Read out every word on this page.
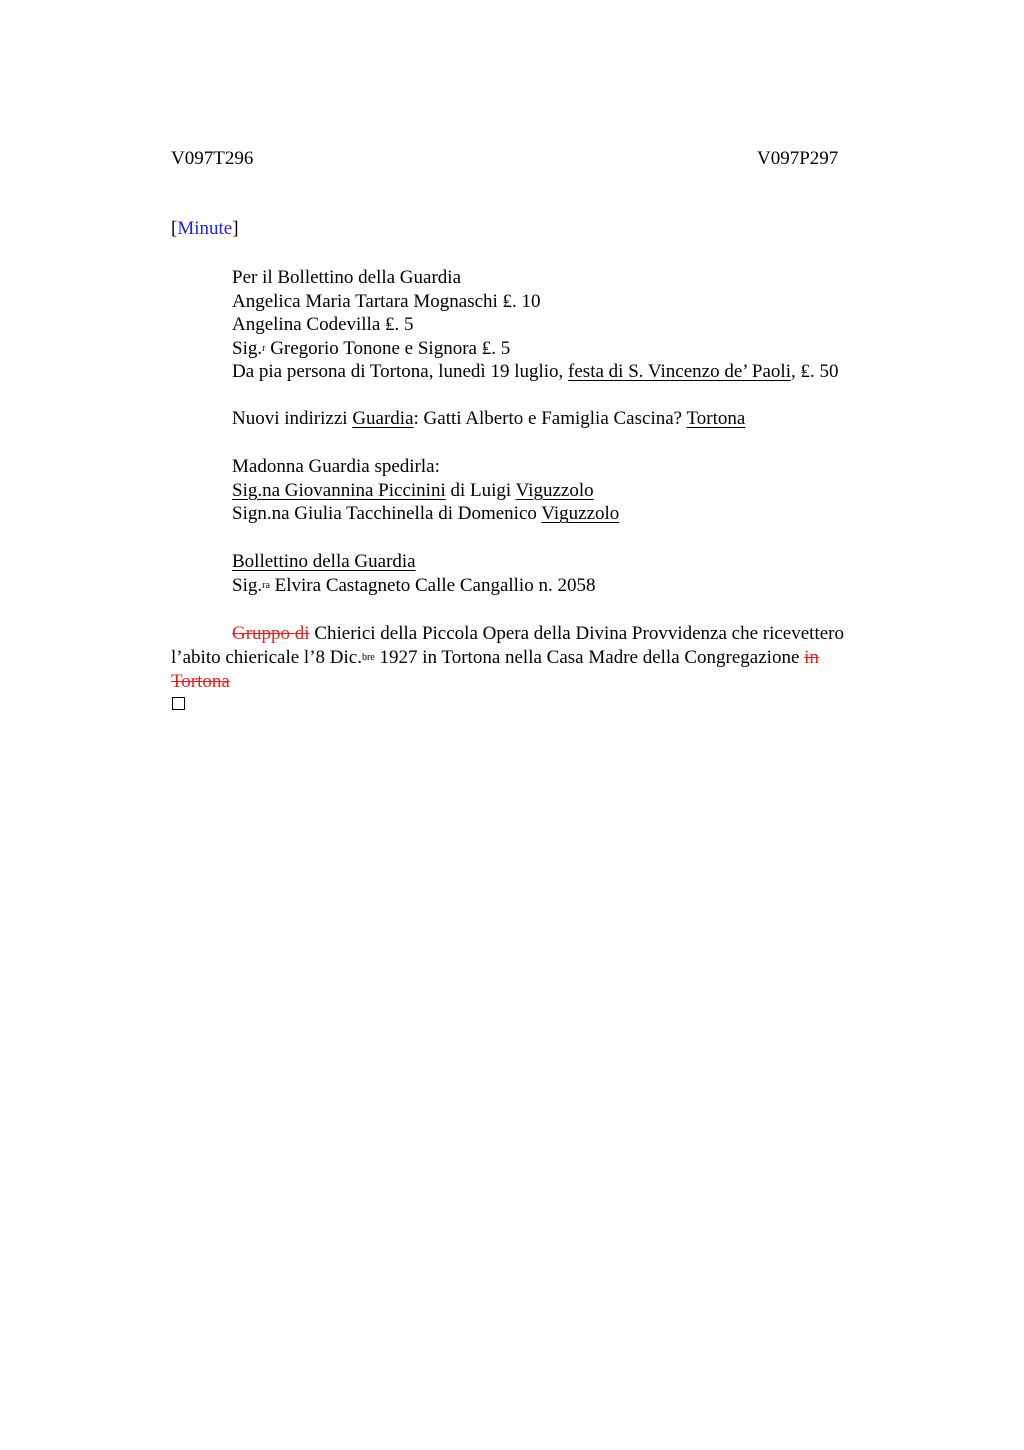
V097T296	V097P297
[Minute]
Per il Bollettino della Guardia
Angelica Maria Tartara Mognaschi ₤. 10
Angelina Codevilla ₤. 5
Sig.$^r$ Gregorio Tonone e Signora ₤. 5
Da pia persona di Tortona, lunedì 19 luglio, festa di S. Vincenzo de’ Paoli, ₤. 50
Nuovi indirizzi Guardia: Gatti Alberto e Famiglia Cascina? Tortona
Madonna Guardia spedirla:
Sig.na Giovannina Piccinini di Luigi Viguzzolo
Sign.na Giulia Tacchinella di Domenico Viguzzolo
Bollettino della Guardia
Sig.$^{ra}$ Elvira Castagneto Calle Cangallio n. 2058
Gruppo di Chierici della Piccola Opera della Divina Provvidenza che ricevettero
l’abito chiericale l’8 Dic.$^{bre}$ 1927 in Tortona nella Casa Madre della Congregazione in
Tortona
